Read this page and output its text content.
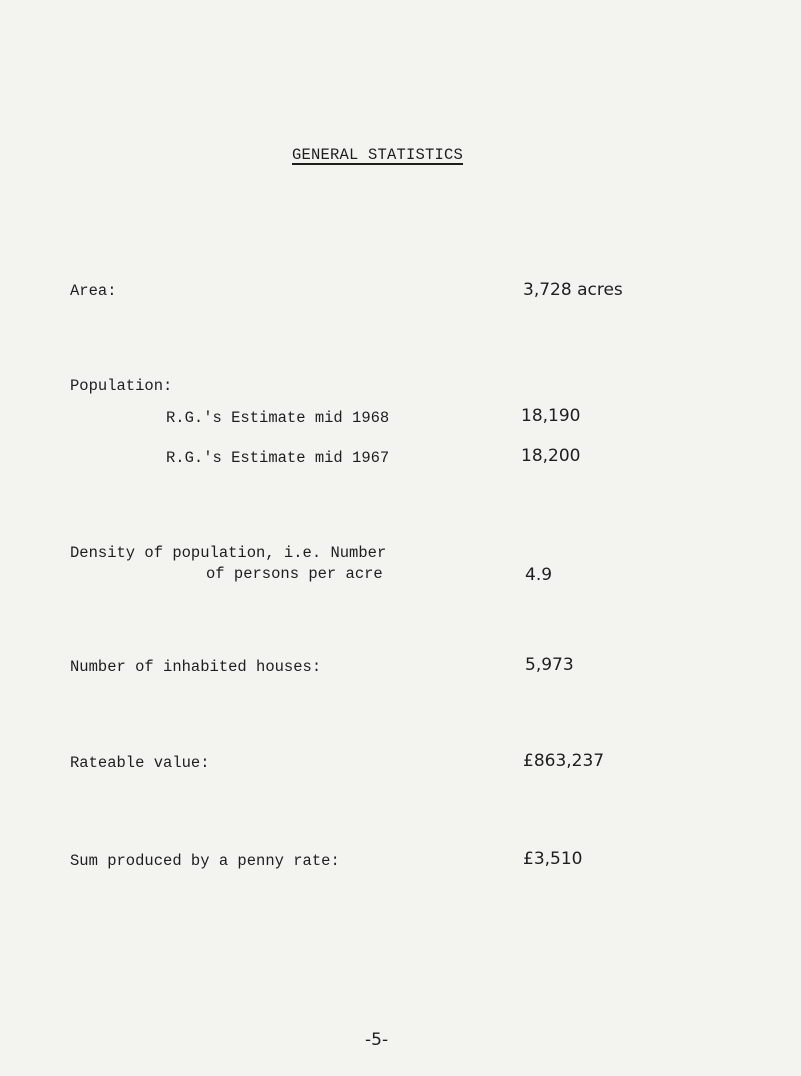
GENERAL STATISTICS
Area:	3,728 acres
Population:
R.G.'s Estimate mid 1968	18,190
R.G.'s Estimate mid 1967	18,200
Density of population, i.e. Number
of persons per acre	4.9
Number of inhabited houses:	5,973
Rateable value:	£863,237
Sum produced by a penny rate:	£3,510
-5-
